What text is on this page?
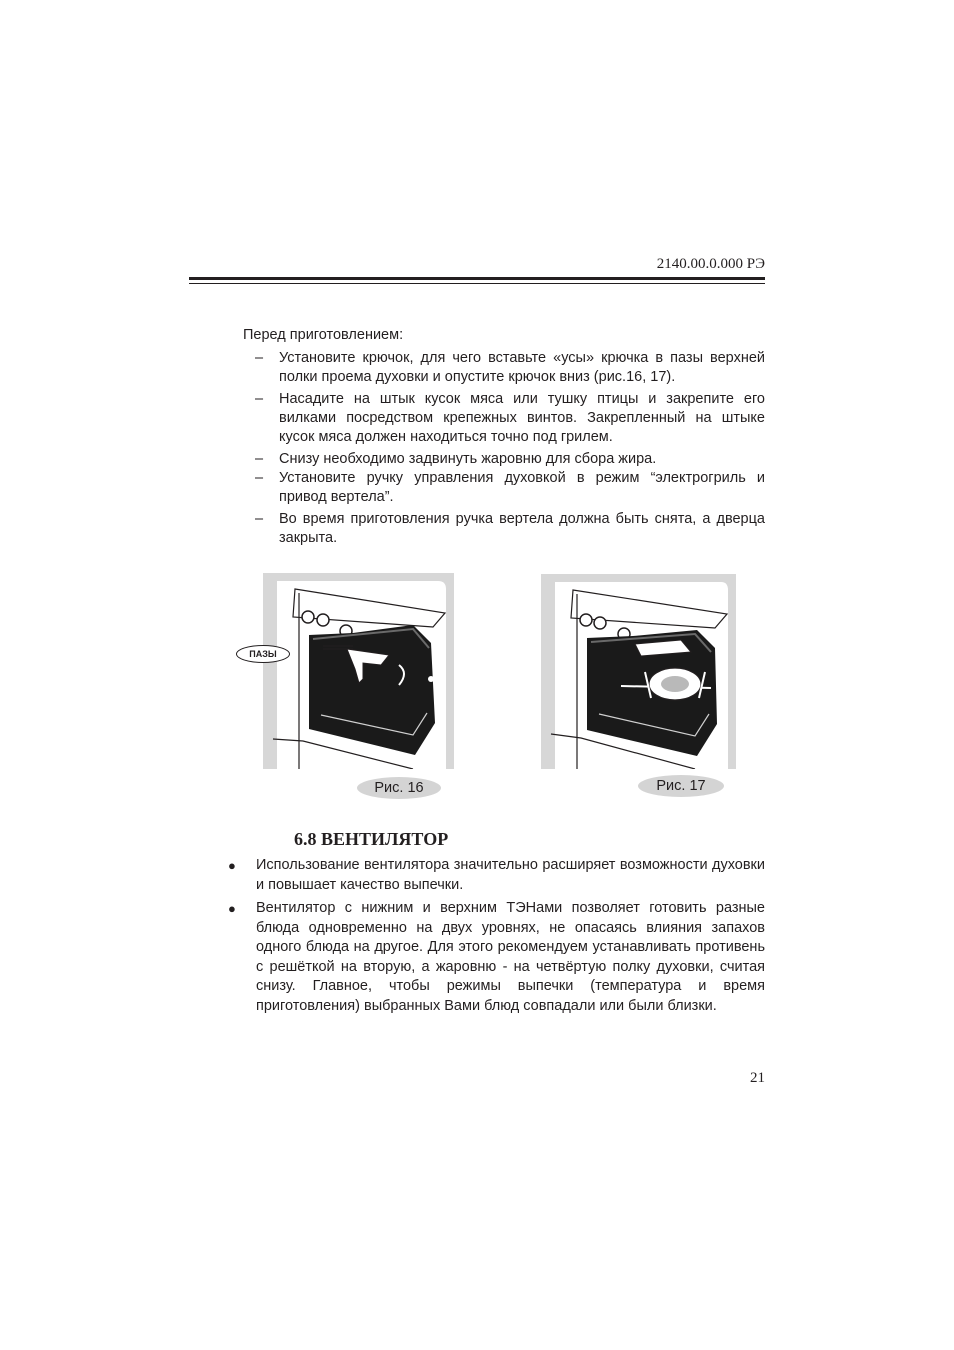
2140.00.0.000 РЭ
Перед приготовлением:
– Установите крючок, для чего вставьте «усы» крючка в пазы верхней полки проема духовки и опустите крючок вниз (рис.16, 17).
– Насадите на штык кусок мяса или тушку птицы и закрепите его вилками посредством крепежных винтов. Закрепленный на штыке кусок мяса должен находиться точно под грилем.
– Снизу необходимо задвинуть жаровню для сбора жира.
– Установите ручку управления духовкой в режим “электрогриль и привод вертела”.
– Во время приготовления ручка вертела должна быть снята, а дверца закрыта.
ПАЗЫ
Рис. 16	Рис. 17
6.8 ВЕНТИЛЯТОР
● Использование вентилятора значительно расширяет возможности духовки и повышает качество выпечки.
● Вентилятор с нижним и верхним ТЭНами позволяет готовить разные блюда одновременно на двух уровнях, не опасаясь влияния запахов одного блюда на другое. Для этого рекомендуем устанавливать противень с решёткой на вторую, а жаровню - на четвёртую полку духовки, считая снизу. Главное, чтобы режимы выпечки (температура и время приготовления) выбранных Вами блюд совпадали или были близки.
21
